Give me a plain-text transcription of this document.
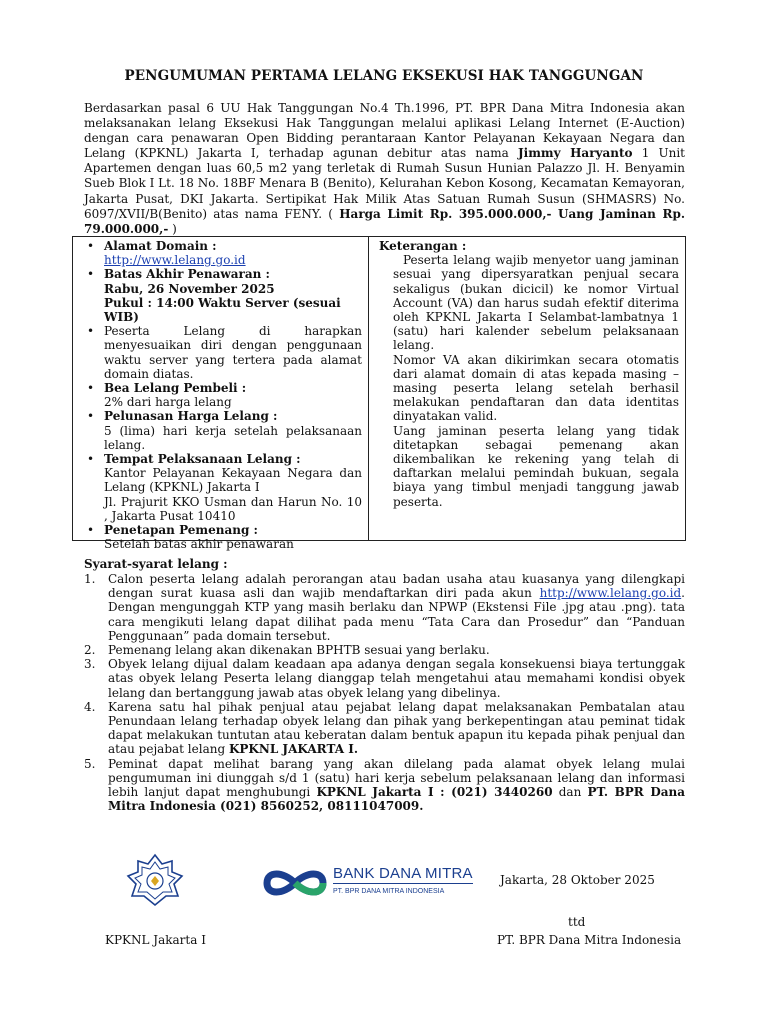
PENGUMUMAN PERTAMA LELANG EKSEKUSI HAK TANGGUNGAN
Berdasarkan pasal 6 UU Hak Tanggungan No.4 Th.1996, PT. BPR Dana Mitra Indonesia akan melaksanakan lelang Eksekusi Hak Tanggungan melalui aplikasi Lelang Internet (E-Auction) dengan cara penawaran Open Bidding perantaraan Kantor Pelayanan Kekayaan Negara dan Lelang (KPKNL) Jakarta I, terhadap agunan debitur atas nama Jimmy Haryanto 1 Unit Apartemen dengan luas 60,5 m2 yang terletak di Rumah Susun Hunian Palazzo Jl. H. Benyamin Sueb Blok I Lt. 18 No. 18BF Menara B (Benito), Kelurahan Kebon Kosong, Kecamatan Kemayoran, Jakarta Pusat, DKI Jakarta. Sertipikat Hak Milik Atas Satuan Rumah Susun (SHMASRS) No. 6097/XVII/B(Benito) atas nama FENY. ( Harga Limit Rp. 395.000.000,- Uang Jaminan Rp. 79.000.000,- )
• Alamat Domain :
http://www.lelang.go.id
• Batas Akhir Penawaran :
Rabu, 26 November 2025
Pukul : 14:00 Waktu Server (sesuai WIB)
• Peserta Lelang di harapkan menyesuaikan diri dengan penggunaan waktu server yang tertera pada alamat domain diatas.
• Bea Lelang Pembeli :
2% dari harga lelang
• Pelunasan Harga Lelang :
5 (lima) hari kerja setelah pelaksanaan lelang.
• Tempat Pelaksanaan Lelang :
Kantor Pelayanan Kekayaan Negara dan Lelang (KPKNL) Jakarta I
Jl. Prajurit KKO Usman dan Harun No. 10 , Jakarta Pusat 10410
• Penetapan Pemenang :
Setelah batas akhir penawaran
Keterangan :
Peserta lelang wajib menyetor uang jaminan sesuai yang dipersyaratkan penjual secara sekaligus (bukan dicicil) ke nomor Virtual Account (VA) dan harus sudah efektif diterima oleh KPKNL Jakarta I Selambat-lambatnya 1 (satu) hari kalender sebelum pelaksanaan lelang.
Nomor VA akan dikirimkan secara otomatis dari alamat domain di atas kepada masing – masing peserta lelang setelah berhasil melakukan pendaftaran dan data identitas dinyatakan valid.
Uang jaminan peserta lelang yang tidak ditetapkan sebagai pemenang akan dikembalikan ke rekening yang telah di daftarkan melalui pemindah bukuan, segala biaya yang timbul menjadi tanggung jawab peserta.
Syarat-syarat lelang :
1. Calon peserta lelang adalah perorangan atau badan usaha atau kuasanya yang dilengkapi dengan surat kuasa asli dan wajib mendaftarkan diri pada akun http://www.lelang.go.id. Dengan mengunggah KTP yang masih berlaku dan NPWP (Ekstensi File .jpg atau .png). tata cara mengikuti lelang dapat dilihat pada menu “Tata Cara dan Prosedur” dan “Panduan Penggunaan” pada domain tersebut.
2. Pemenang lelang akan dikenakan BPHTB sesuai yang berlaku.
3. Obyek lelang dijual dalam keadaan apa adanya dengan segala konsekuensi biaya tertunggak atas obyek lelang Peserta lelang dianggap telah mengetahui atau memahami kondisi obyek lelang dan bertanggung jawab atas obyek lelang yang dibelinya.
4. Karena satu hal pihak penjual atau pejabat lelang dapat melaksanakan Pembatalan atau Penundaan lelang terhadap obyek lelang dan pihak yang berkepentingan atau peminat tidak dapat melakukan tuntutan atau keberatan dalam bentuk apapun itu kepada pihak penjual dan atau pejabat lelang KPKNL JAKARTA I.
5. Peminat dapat melihat barang yang akan dilelang pada alamat obyek lelang mulai pengumuman ini diunggah s/d 1 (satu) hari kerja sebelum pelaksanaan lelang dan informasi lebih lanjut dapat menghubungi KPKNL Jakarta I : (021) 3440260 dan PT. BPR Dana Mitra Indonesia (021) 8560252, 08111047009.
BANK DANA MITRA
PT. BPR DANA MITRA INDONESIA
Jakarta, 28 Oktober 2025
ttd
KPKNL Jakarta I	PT. BPR Dana Mitra Indonesia
